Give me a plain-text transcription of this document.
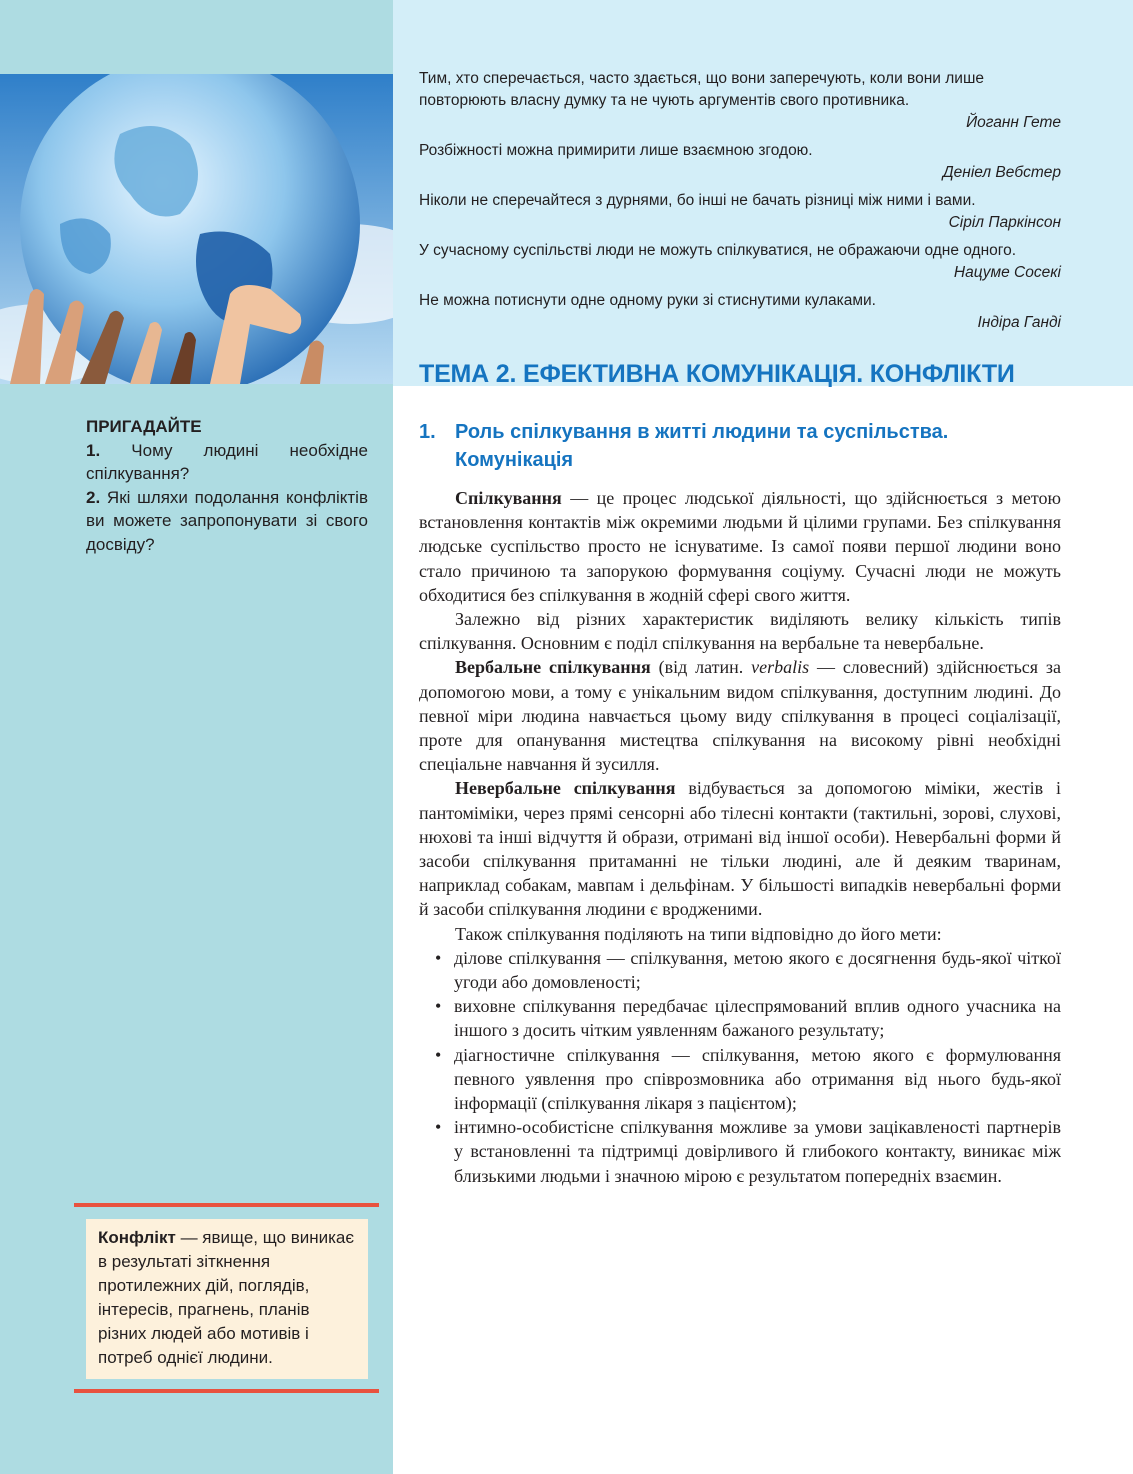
Тим, хто сперечається, часто здається, що вони заперечують, коли вони лише повторюють власну думку та не чують аргументів свого противника.
Йоганн Гете
Розбіжності можна примирити лише взаємною згодою.
Деніел Вебстер
Ніколи не сперечайтеся з дурнями, бо інші не бачать різниці між ними і вами.
Сіріл Паркінсон
У сучасному суспільстві люди не можуть спілкуватися, не ображаючи одне одного.
Нацуме Сосекі
Не можна потиснути одне одному руки зі стиснутими кулаками.
Індіра Ганді
ТЕМА 2. ЕФЕКТИВНА КОМУНІКАЦІЯ. КОНФЛІКТИ
1. Роль спілкування в житті людини та суспільства. Комунікація
ПРИГАДАЙТЕ
1. Чому людині необхідне спілкування?
2. Які шляхи подолання конфліктів ви можете запропонувати зі свого досвіду?
Конфлікт — явище, що виникає в результаті зіткнення протилежних дій, поглядів, інтересів, прагнень, планів різних людей або мотивів і потреб однієї людини.

Спілкування — це процес людської діяльності, що здійснюється з метою встановлення контактів між окремими людьми й цілими групами. Без спілкування людське суспільство просто не існуватиме. Із самої появи першої людини воно стало причиною та запорукою формування соціуму. Сучасні люди не можуть обходитися без спілкування в жодній сфері свого життя.

Залежно від різних характеристик виділяють велику кількість типів спілкування. Основним є поділ спілкування на вербальне та невербальне.

Вербальне спілкування (від латин. verbalis — словесний) здійснюється за допомогою мови, а тому є унікальним видом спілкування, доступним людині. До певної міри людина навчається цьому виду спілкування в процесі соціалізації, проте для опанування мистецтва спілкування на високому рівні необхідні спеціальне навчання й зусилля.

Невербальне спілкування відбувається за допомогою міміки, жестів і пантоміміки, через прямі сенсорні або тілесні контакти (тактильні, зорові, слухові, нюхові та інші відчуття й образи, отримані від іншої особи). Невербальні форми й засоби спілкування притаманні не тільки людині, але й деяким тваринам, наприклад собакам, мавпам і дельфінам. У більшості випадків невербальні форми й засоби спілкування людини є вродженими.

Також спілкування поділяють на типи відповідно до його мети:

• ділове спілкування — спілкування, метою якого є досягнення будь-якої чіткої угоди або домовленості;
• виховне спілкування передбачає цілеспрямований вплив одного учасника на іншого з досить чітким уявленням бажаного результату;
• діагностичне спілкування — спілкування, метою якого є формулювання певного уявлення про співрозмовника або отримання від нього будь-якої інформації (спілкування лікаря з пацієнтом);
• інтимно-особистісне спілкування можливе за умови зацікавленості партнерів у встановленні та підтримці довірливого й глибокого контакту, виникає між близькими людьми і значною мірою є результатом попередніх взаємин.
